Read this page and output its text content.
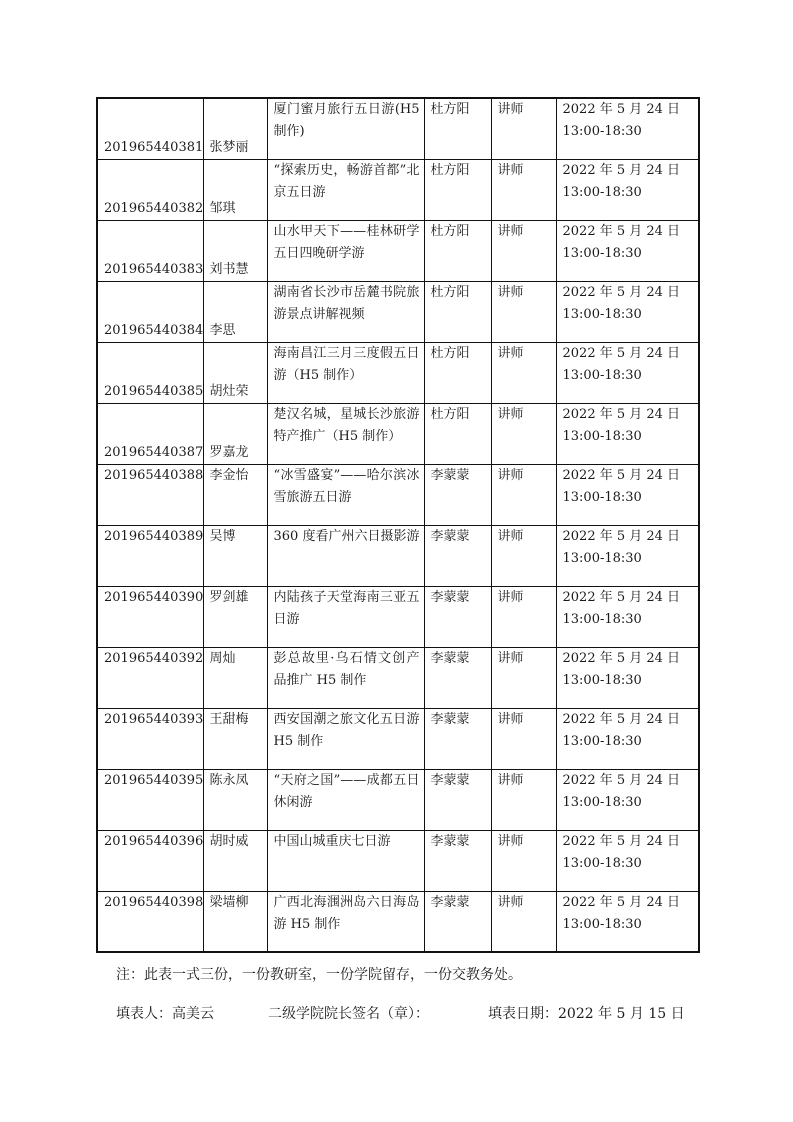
201965440381	张梦丽	厦门蜜月旅行五日游(H5制作)	杜方阳	讲师	2022 年 5 月 24 日
13:00-18:30

201965440382	邹琪	“探索历史，畅游首都”北京五日游	杜方阳	讲师	2022 年 5 月 24 日
13:00-18:30

201965440383	刘书慧	山水甲天下——桂林研学五日四晚研学游	杜方阳	讲师	2022 年 5 月 24 日
13:00-18:30

201965440384	李思	湖南省长沙市岳麓书院旅游景点讲解视频	杜方阳	讲师	2022 年 5 月 24 日
13:00-18:30

201965440385	胡灶荣	海南昌江三月三度假五日游（H5 制作）	杜方阳	讲师	2022 年 5 月 24 日
13:00-18:30

201965440387	罗嘉龙	楚汉名城，星城长沙旅游特产推广（H5 制作）	杜方阳	讲师	2022 年 5 月 24 日
13:00-18:30

201965440388	李金怡	“冰雪盛宴”——哈尔滨冰雪旅游五日游	李蒙蒙	讲师	2022 年 5 月 24 日
13:00-18:30

201965440389	吴博	360 度看广州六日摄影游	李蒙蒙	讲师	2022 年 5 月 24 日
13:00-18:30

201965440390	罗剑雄	内陆孩子天堂海南三亚五日游	李蒙蒙	讲师	2022 年 5 月 24 日
13:00-18:30

201965440392	周灿	彭总故里·乌石情文创产品推广 H5 制作	李蒙蒙	讲师	2022 年 5 月 24 日
13:00-18:30

201965440393	王甜梅	西安国潮之旅文化五日游 H5 制作	李蒙蒙	讲师	2022 年 5 月 24 日
13:00-18:30

201965440395	陈永凤	“天府之国”——成都五日休闲游	李蒙蒙	讲师	2022 年 5 月 24 日
13:00-18:30

201965440396	胡时威	中国山城重庆七日游	李蒙蒙	讲师	2022 年 5 月 24 日
13:00-18:30

201965440398	梁墙柳	广西北海涠洲岛六日海岛游 H5 制作	李蒙蒙	讲师	2022 年 5 月 24 日
13:00-18:30
注：此表一式三份，一份教研室，一份学院留存，一份交教务处。
填表人：高美云	二级学院院长签名（章）：	填表日期：2022 年 5 月 15 日
